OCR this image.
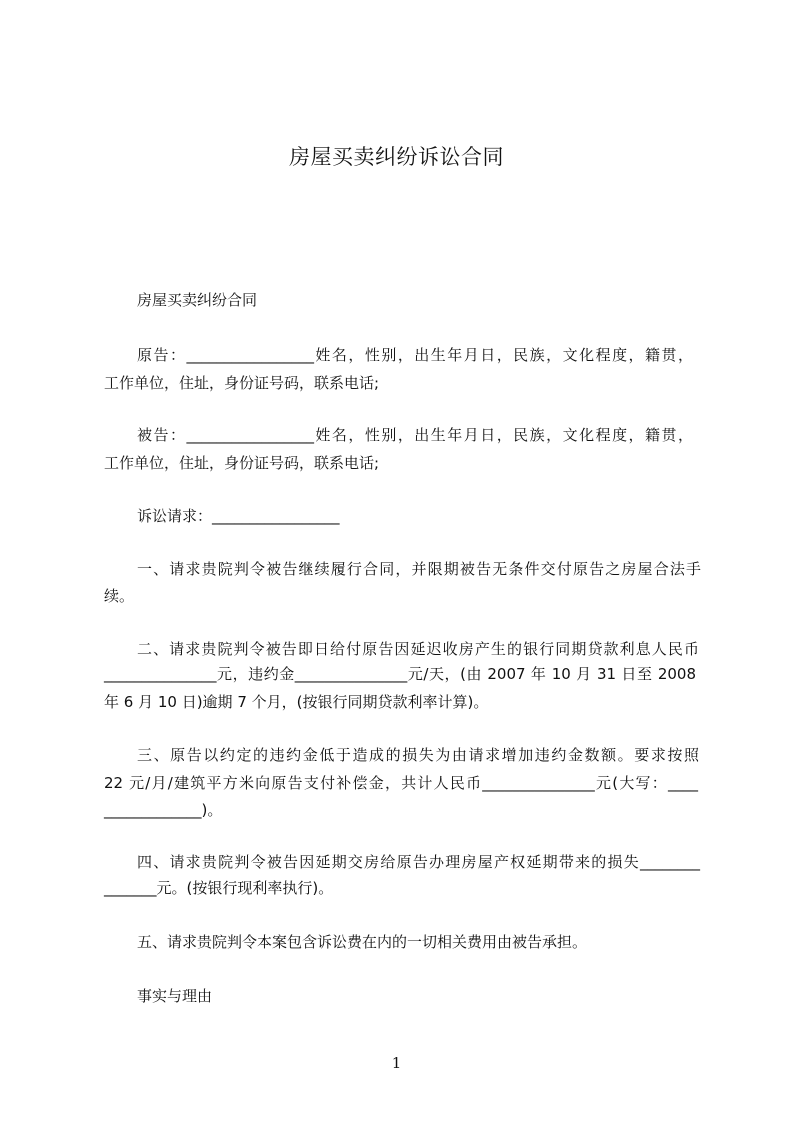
房屋买卖纠纷诉讼合同
房屋买卖纠纷合同
原告：_________________姓名，性别，出生年月日，民族，文化程度，籍贯，
工作单位，住址，身份证号码，联系电话;
被告：_________________姓名，性别，出生年月日，民族，文化程度，籍贯，
工作单位，住址，身份证号码，联系电话;
诉讼请求：_________________
一、请求贵院判令被告继续履行合同，并限期被告无条件交付原告之房屋合法手
续。
二、请求贵院判令被告即日给付原告因延迟收房产生的银行同期贷款利息人民币
_______________元，违约金_______________元/天，(由 2007 年 10 月 31 日至 2008
年 6 月 10 日)逾期 7 个月，(按银行同期贷款利率计算)。
三、原告以约定的违约金低于造成的损失为由请求增加违约金数额。要求按照
22 元/月/建筑平方米向原告支付补偿金，共计人民币_______________元(大写：____
_____________)。
四、请求贵院判令被告因延期交房给原告办理房屋产权延期带来的损失________
_______元。(按银行现利率执行)。
五、请求贵院判令本案包含诉讼费在内的一切相关费用由被告承担。
事实与理由
1
